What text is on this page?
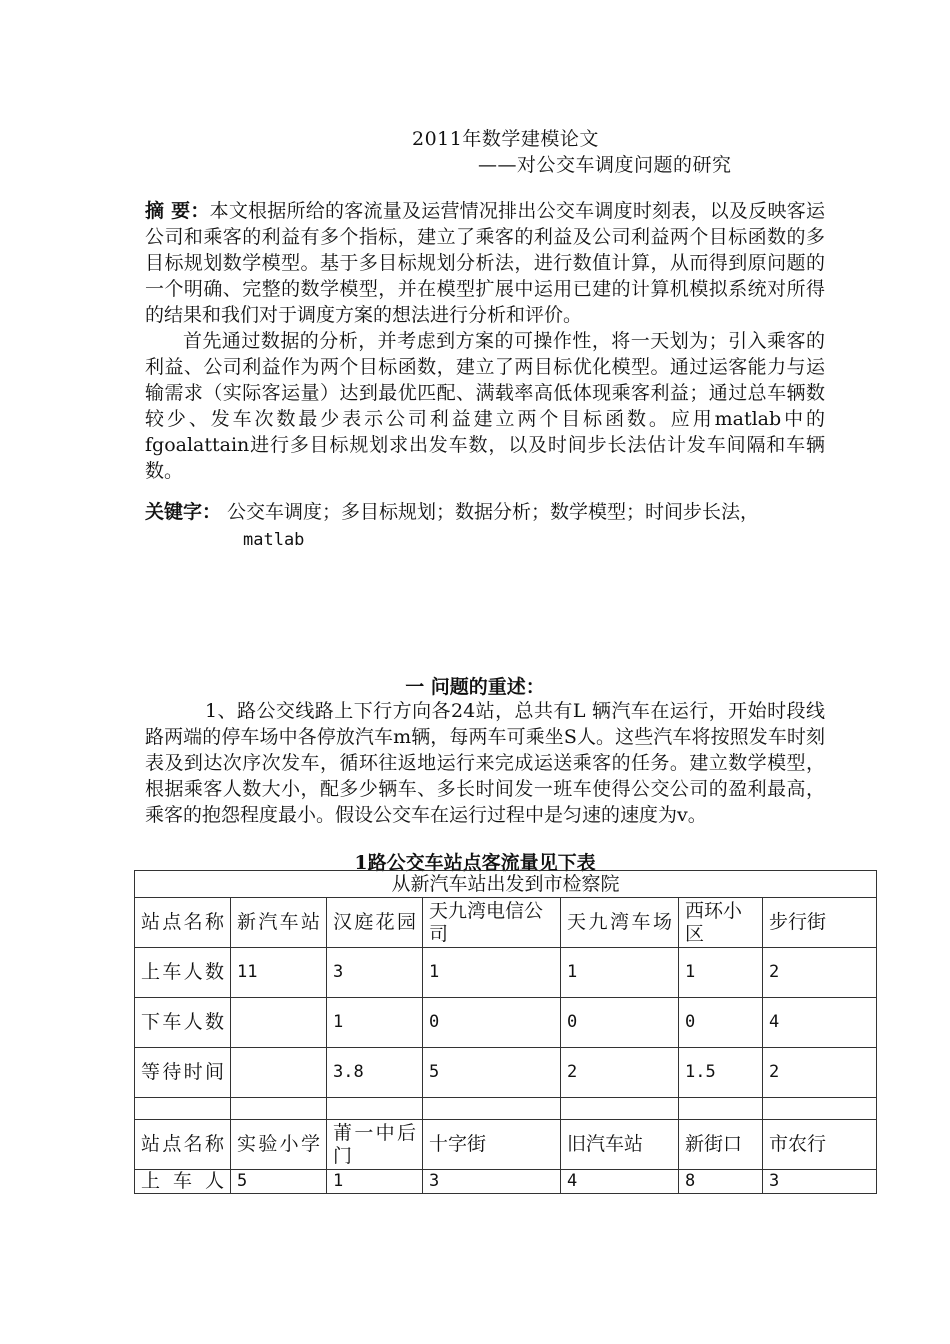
2011年数学建模论文
——对公交车调度问题的研究

摘 要：本文根据所给的客流量及运营情况排出公交车调度时刻表，以及反映客运公司和乘客的利益有多个指标，建立了乘客的利益及公司利益两个目标函数的多目标规划数学模型。基于多目标规划分析法，进行数值计算，从而得到原问题的一个明确、完整的数学模型，并在模型扩展中运用已建的计算机模拟系统对所得的结果和我们对于调度方案的想法进行分析和评价。

首先通过数据的分析，并考虑到方案的可操作性，将一天划为；引入乘客的利益、公司利益作为两个目标函数，建立了两目标优化模型。通过运客能力与运输需求（实际客运量）达到最优匹配、满载率高低体现乘客利益；通过总车辆数较少、发车次数最少表示公司利益建立两个目标函数。应用matlab中的fgoalattain进行多目标规划求出发车数，以及时间步长法估计发车间隔和车辆数。

关键字： 公交车调度；多目标规划；数据分析；数学模型；时间步长法，
matlab
一 问题的重述：

1、路公交线路上下行方向各24站，总共有L 辆汽车在运行，开始时段线路两端的停车场中各停放汽车m辆，每两车可乘坐S人。这些汽车将按照发车时刻表及到达次序次发车，循环往返地运行来完成运送乘客的任务。建立数学模型，根据乘客人数大小，配多少辆车、多长时间发一班车使得公交公司的盈利最高，乘客的抱怨程度最小。假设公交车在运行过程中是匀速的速度为v。

1路公交车站点客流量见下表
从新汽车站出发到市检察院						
站点名称	新汽车站	汉庭花园	天九湾电信公司	天九湾车场	西环小区	步行街
上车人数	11	3	1	1	1	2
下车人数		1	0	0	0	4
等待时间		3.8	5	2	1.5	2

站点名称	实验小学	莆一中后门	十字街	旧汽车站	新街口	市农行
上车人	5	1	3	4	8	3
